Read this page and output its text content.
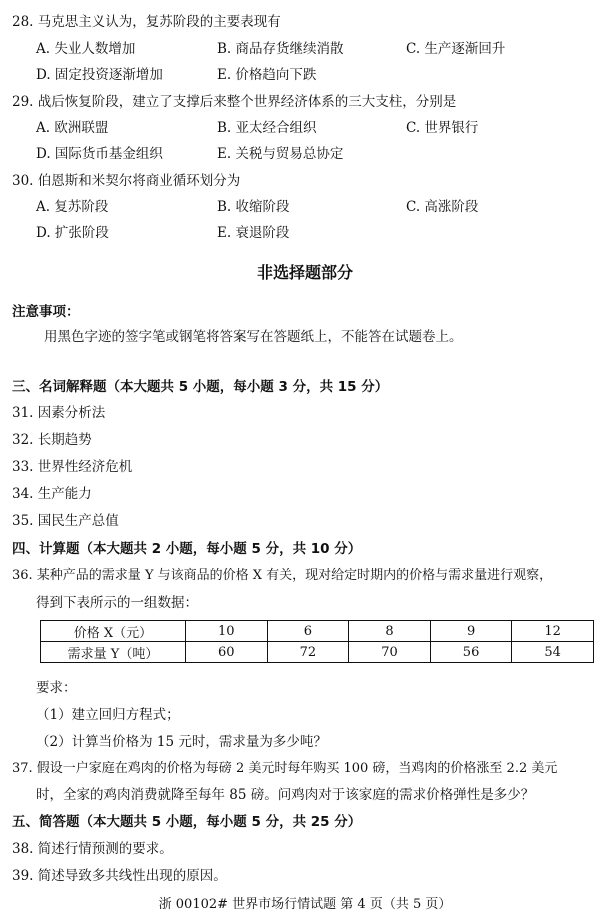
28. 马克思主义认为，复苏阶段的主要表现有
A. 失业人数增加	B. 商品存货继续消散	C. 生产逐渐回升
D. 固定投资逐渐增加	E. 价格趋向下跌
29. 战后恢复阶段，建立了支撑后来整个世界经济体系的三大支柱，分别是
A. 欧洲联盟	B. 亚太经合组织	C. 世界银行
D. 国际货币基金组织	E. 关税与贸易总协定
30. 伯恩斯和米契尔将商业循环划分为
A. 复苏阶段	B. 收缩阶段	C. 高涨阶段
D. 扩张阶段	E. 衰退阶段
非选择题部分
注意事项：
用黑色字迹的签字笔或钢笔将答案写在答题纸上，不能答在试题卷上。
三、名词解释题（本大题共 5 小题，每小题 3 分，共 15 分）
31. 因素分析法
32. 长期趋势
33. 世界性经济危机
34. 生产能力
35. 国民生产总值
四、计算题（本大题共 2 小题，每小题 5 分，共 10 分）
36. 某种产品的需求量 Y 与该商品的价格 X 有关，现对给定时期内的价格与需求量进行观察，
得到下表所示的一组数据：
价格 X（元）	10	6	8	9	12
需求量 Y（吨）	60	72	70	56	54
要求：
（1）建立回归方程式；
（2）计算当价格为 15 元时，需求量为多少吨？
37. 假设一户家庭在鸡肉的价格为每磅 2 美元时每年购买 100 磅，当鸡肉的价格涨至 2.2 美元
时，全家的鸡肉消费就降至每年 85 磅。问鸡肉对于该家庭的需求价格弹性是多少？
五、简答题（本大题共 5 小题，每小题 5 分，共 25 分）
38. 简述行情预测的要求。
39. 简述导致多共线性出现的原因。
浙 00102# 世界市场行情试题 第 4 页（共 5 页）
